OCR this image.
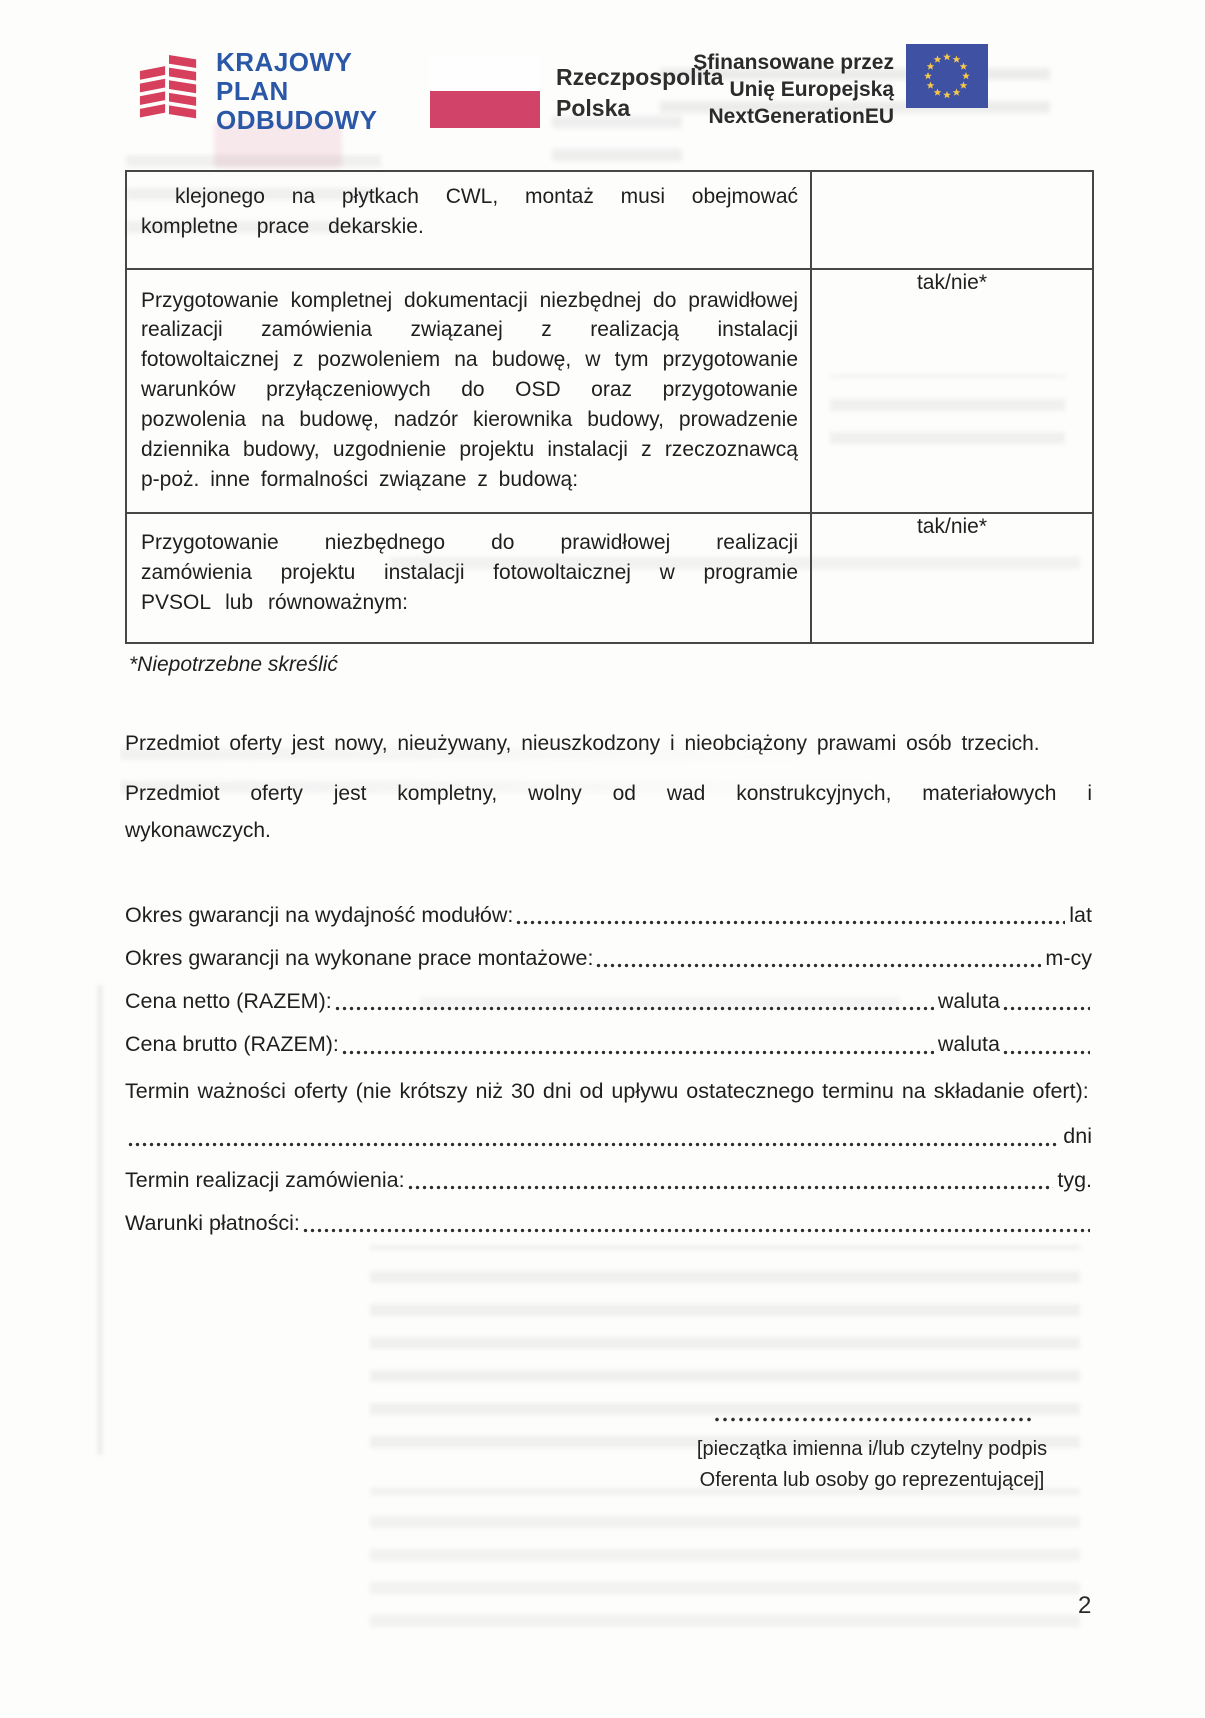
KRAJOWY
PLAN
ODBUDOWY
Rzeczpospolita
Polska
Sfinansowane przez
Unię Europejską
NextGenerationEU
klejonego na płytkach CWL, montaż musi obejmować kompletne prace dekarskie.	
Przygotowanie kompletnej dokumentacji niezbędnej do prawidłowej realizacji zamówienia związanej z realizacją instalacji fotowoltaicznej z pozwoleniem na budowę, w tym przygotowanie warunków przyłączeniowych do OSD oraz przygotowanie pozwolenia na budowę, nadzór kierownika budowy, prowadzenie dziennika budowy, uzgodnienie projektu instalacji z rzeczoznawcą p-poż. inne formalności związane z budową:	tak/nie*
Przygotowanie niezbędnego do prawidłowej realizacji zamówienia projektu instalacji fotowoltaicznej w programie PVSOL lub równoważnym:	tak/nie*
*Niepotrzebne skreślić

Przedmiot oferty jest nowy, nieużywany, nieuszkodzony i nieobciążony prawami osób trzecich.

Przedmiot oferty jest kompletny, wolny od wad konstrukcyjnych, materiałowych i wykonawczych.

Okres gwarancji na wydajność modułów:	lat
Okres gwarancji na wykonane prace montażowe:	m-cy
Cena netto (RAZEM):	waluta
Cena brutto (RAZEM):	waluta

Termin ważności oferty (nie krótszy niż 30 dni od upływu ostatecznego terminu na składanie ofert):

dni
Termin realizacji zamówienia:	tyg.
Warunki płatności:
[pieczątka imienna i/lub czytelny podpis
Oferenta lub osoby go reprezentującej]
2
